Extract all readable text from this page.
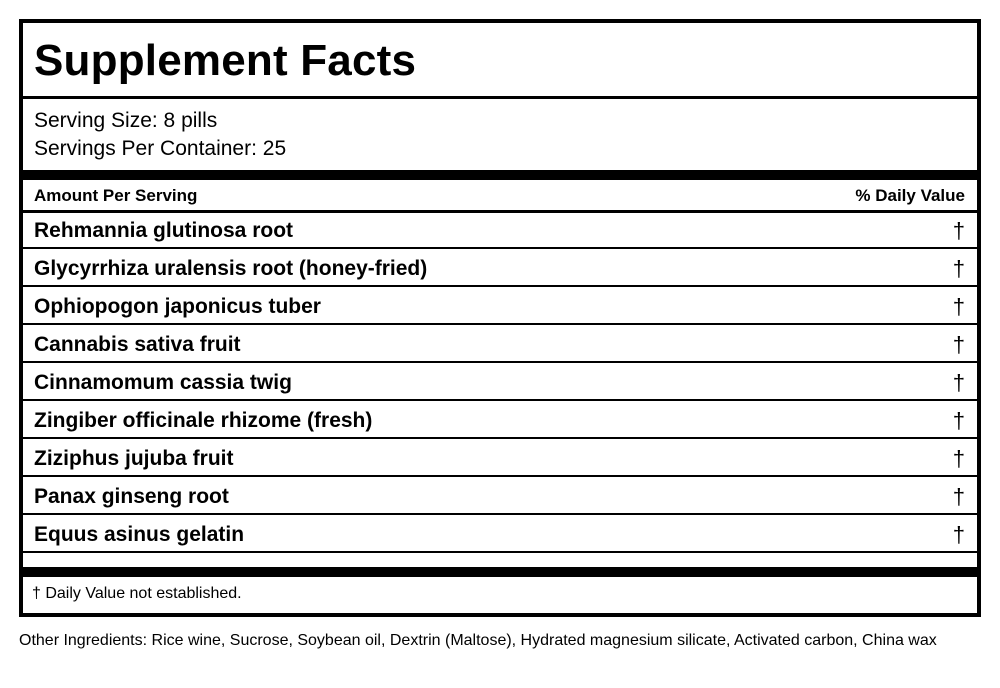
Supplement Facts
Serving Size: 8 pills
Servings Per Container: 25
Amount Per Serving	% Daily Value
Rehmannia glutinosa root	†
Glycyrrhiza uralensis root (honey-fried)	†
Ophiopogon japonicus tuber	†
Cannabis sativa fruit	†
Cinnamomum cassia twig	†
Zingiber officinale rhizome (fresh)	†
Ziziphus jujuba fruit	†
Panax ginseng root	†
Equus asinus gelatin	†
† Daily Value not established.
Other Ingredients: Rice wine, Sucrose, Soybean oil, Dextrin (Maltose), Hydrated magnesium silicate, Activated carbon, China wax
